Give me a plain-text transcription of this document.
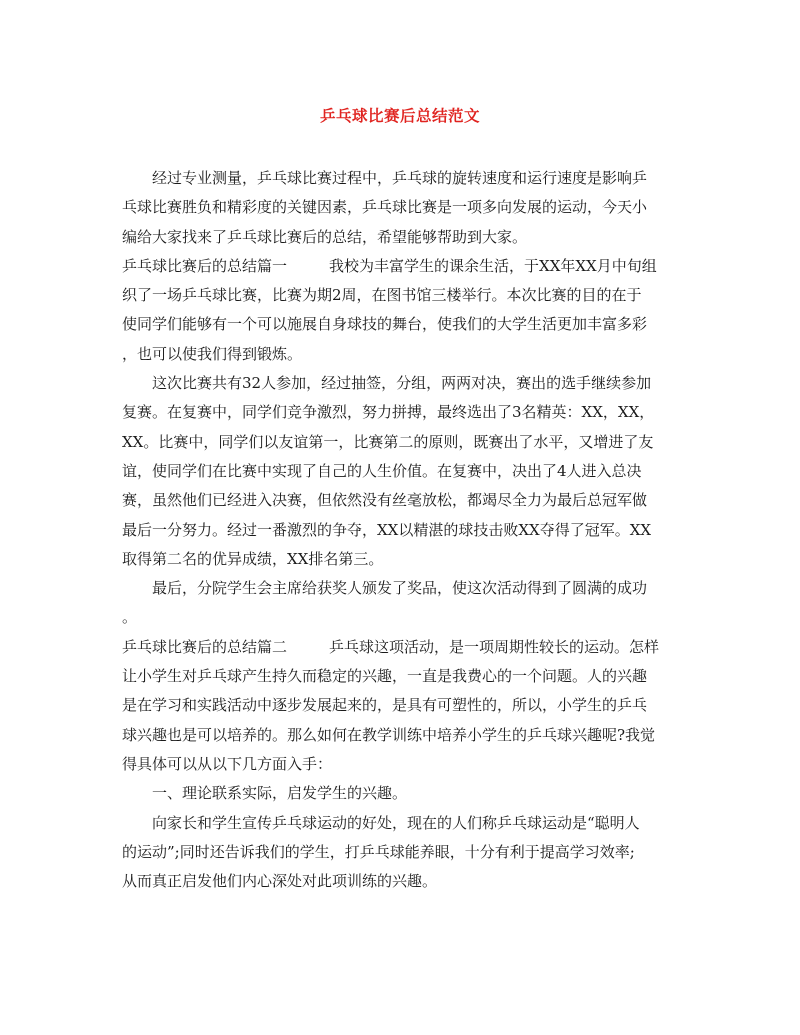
乒乓球比赛后总结范文
经过专业测量，乒乓球比赛过程中，乒乓球的旋转速度和运行速度是影响乒
乓球比赛胜负和精彩度的关键因素，乒乓球比赛是一项多向发展的运动，今天小
编给大家找来了乒乓球比赛后的总结，希望能够帮助到大家。
乒乓球比赛后的总结篇一	我校为丰富学生的课余生活，于XX年XX月中旬组
织了一场乒乓球比赛，比赛为期2周，在图书馆三楼举行。本次比赛的目的在于
使同学们能够有一个可以施展自身球技的舞台，使我们的大学生活更加丰富多彩
，也可以使我们得到锻炼。
这次比赛共有32人参加，经过抽签，分组，两两对决，赛出的选手继续参加
复赛。在复赛中，同学们竞争激烈，努力拼搏，最终选出了3名精英：XX，XX，
XX。比赛中，同学们以友谊第一，比赛第二的原则，既赛出了水平，又增进了友
谊，使同学们在比赛中实现了自己的人生价值。在复赛中，决出了4人进入总决
赛，虽然他们已经进入决赛，但依然没有丝毫放松，都竭尽全力为最后总冠军做
最后一分努力。经过一番激烈的争夺，XX以精湛的球技击败XX夺得了冠军。XX
取得第二名的优异成绩，XX排名第三。
最后，分院学生会主席给获奖人颁发了奖品，使这次活动得到了圆满的成功
。
乒乓球比赛后的总结篇二	乒乓球这项活动，是一项周期性较长的运动。怎样
让小学生对乒乓球产生持久而稳定的兴趣，一直是我费心的一个问题。人的兴趣
是在学习和实践活动中逐步发展起来的，是具有可塑性的，所以，小学生的乒乓
球兴趣也是可以培养的。那么如何在教学训练中培养小学生的乒乓球兴趣呢?我觉
得具体可以从以下几方面入手：
一、理论联系实际，启发学生的兴趣。
向家长和学生宣传乒乓球运动的好处，现在的人们称乒乓球运动是“聪明人
的运动”;同时还告诉我们的学生，打乒乓球能养眼，十分有利于提高学习效率;
从而真正启发他们内心深处对此项训练的兴趣。
